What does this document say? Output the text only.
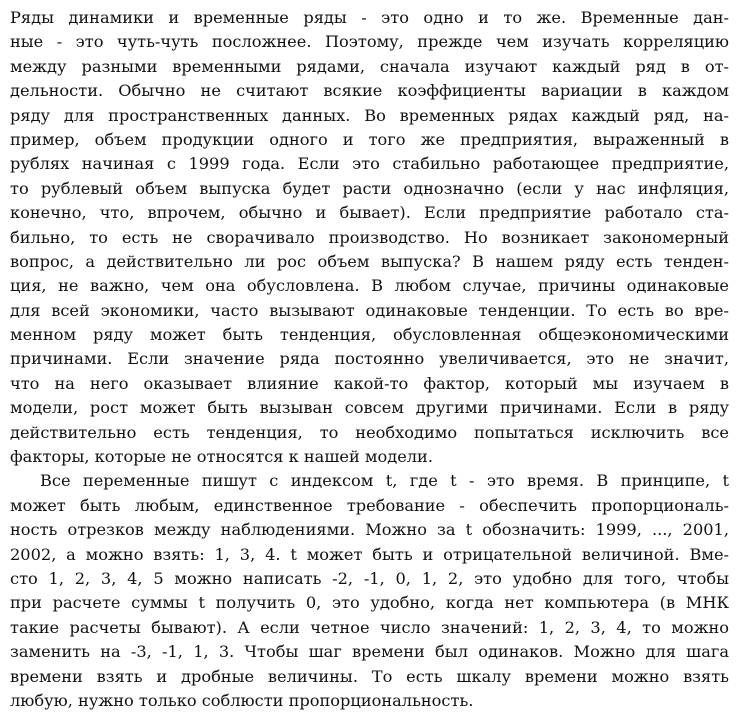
Ряды динамики и временные ряды - это одно и то же. Временные дан-
ные - это чуть-чуть посложнее. Поэтому, прежде чем изучать корреляцию
между разными временными рядами, сначала изучают каждый ряд в от-
дельности. Обычно не считают всякие коэффициенты вариации в каждом
ряду для пространственных данных. Во временных рядах каждый ряд, на-
пример, объем продукции одного и того же предприятия, выраженный в
рублях начиная с 1999 года. Если это стабильно работающее предприятие,
то рублевый объем выпуска будет расти однозначно (если у нас инфляция,
конечно, что, впрочем, обычно и бывает). Если предприятие работало ста-
бильно, то есть не сворачивало производство. Но возникает закономерный
вопрос, а действительно ли рос объем выпуска? В нашем ряду есть тенден-
ция, не важно, чем она обусловлена. В любом случае, причины одинаковые
для всей экономики, часто вызывают одинаковые тенденции. То есть во вре-
менном ряду может быть тенденция, обусловленная общеэкономическими
причинами. Если значение ряда постоянно увеличивается, это не значит,
что на него оказывает влияние какой-то фактор, который мы изучаем в
модели, рост может быть вызыван совсем другими причинами. Если в ряду
действительно есть тенденция, то необходимо попытаться исключить все
факторы, которые не относятся к нашей модели.
Все переменные пишут с индексом t, где t - это время. В принципе, t
может быть любым, единственное требование - обеспечить пропорциональ-
ность отрезков между наблюдениями. Можно за t обозначить: 1999, ..., 2001,
2002, а можно взять: 1, 3, 4. t может быть и отрицательной величиной. Вме-
сто 1, 2, 3, 4, 5 можно написать -2, -1, 0, 1, 2, это удобно для того, чтобы
при расчете суммы t получить 0, это удобно, когда нет компьютера (в МНК
такие расчеты бывают). А если четное число значений: 1, 2, 3, 4, то можно
заменить на -3, -1, 1, 3. Чтобы шаг времени был одинаков. Можно для шага
времени взять и дробные величины. То есть шкалу времени можно взять
любую, нужно только соблюсти пропорциональность.
